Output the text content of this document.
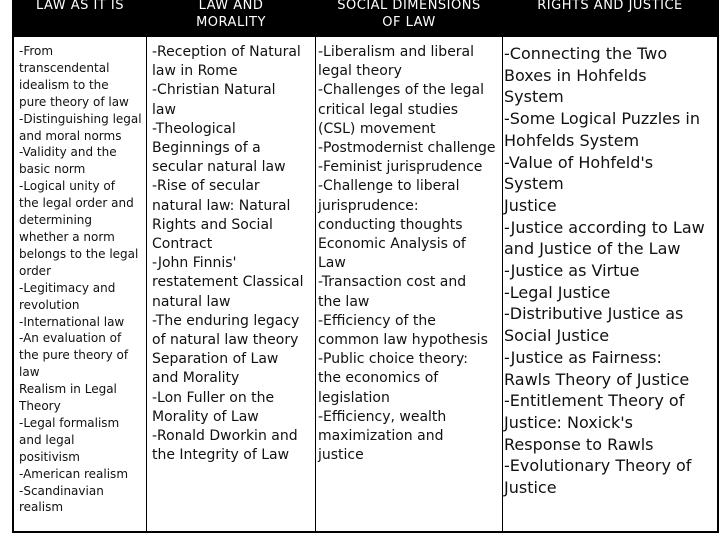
LAW AS IT IS	LAW AND
MORALITY
SOCIAL DIMENSIONS
OF LAW
RIGHTS AND JUSTICE
-From
transcendental
idealism to the
pure theory of law
-Distinguishing legal
and moral norms
-Validity and the
basic norm
-Logical unity of
the legal order and
determining
whether a norm
belongs to the legal
order
-Legitimacy and
revolution
-International law
-An evaluation of
the pure theory of
law
Realism in Legal
Theory
-Legal formalism
and legal
positivism
-American realism
-Scandinavian
realism
-Reception of Natural
law in Rome
-Christian Natural
law
-Theological
Beginnings of a
secular natural law
-Rise of secular
natural law: Natural
Rights and Social
Contract
-John Finnis'
restatement Classical
natural law
-The enduring legacy
of natural law theory
Separation of Law
and Morality
-Lon Fuller on the
Morality of Law
-Ronald Dworkin and
the Integrity of Law
-Liberalism and liberal
legal theory
-Challenges of the legal
critical legal studies
(CSL) movement
-Postmodernist challenge
-Feminist jurisprudence
-Challenge to liberal
jurisprudence:
conducting thoughts
Economic Analysis of
Law
-Transaction cost and
the law
-Efficiency of the
common law hypothesis
-Public choice theory:
the economics of
legislation
-Efficiency, wealth
maximization and
justice
-Connecting the Two
Boxes in Hohfelds
System
-Some Logical Puzzles in
Hohfelds System
-Value of Hohfeld's
System
Justice
-Justice according to Law
and Justice of the Law
-Justice as Virtue
-Legal Justice
-Distributive Justice as
Social Justice
-Justice as Fairness:
Rawls Theory of Justice
-Entitlement Theory of
Justice: Noxick's
Response to Rawls
-Evolutionary Theory of
Justice
